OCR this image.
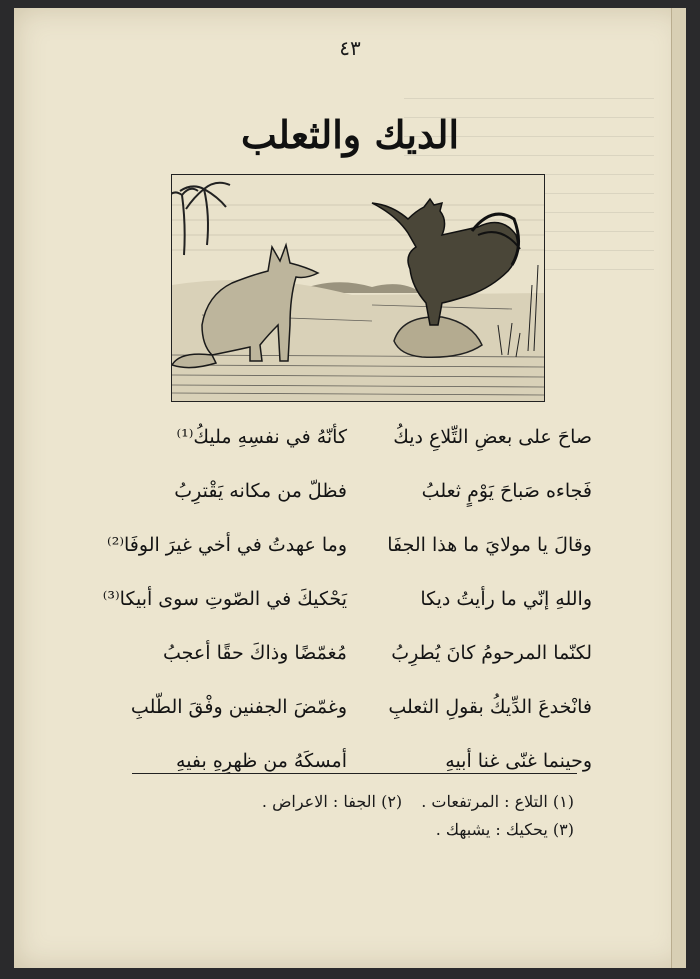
٤٣
الديك والثعلب
صاحَ على بعضِ التِّلاعِ ديكُ
كأنّهُ في نفسِهِ مليكُ⁽¹⁾
فَجاءه صَباحَ يَوْمٍ ثعلبُ
فظلّ من مكانه يَقْترِبُ
وقالَ يا مولايَ ما هذا الجفَا
وما عهدتُ في أخي غيرَ الوفَا⁽²⁾
واللهِ إنّي ما رأيتُ ديكا
يَحْكيكَ في الصّوتِ سوى أبيكا⁽³⁾
لكنّما المرحومُ كانَ يُطرِبُ
مُغمّضًا وذاكَ حقًا أعجبُ
فانْخدعَ الدِّيكُ بقولِ الثعلبِ
وغمّضَ الجفنين وفْقَ الطّلبِ
وحينما غنّى غنا أبيهِ
أمسكَهُ من ظهرِهِ بفيهِ
(١) التلاع : المرتفعات . (٢) الجفا : الاعراض .
(٣) يحكيك : يشبهك .
